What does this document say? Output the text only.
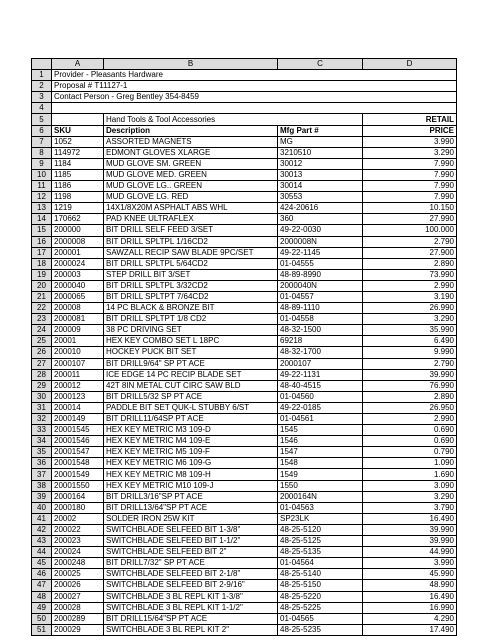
	A	B	C	D
1	Provider - Pleasants Hardware			
2	Proposal # T11127-1			
3	Contact Person - Greg Bentley 354-8459			
4				
5		Hand Tools & Tool Accessories		RETAIL
6	SKU	Description	Mfg Part #	PRICE
7	1052	ASSORTED MAGNETS	MG	3.990
8	114972	EDMONT GLOVES XLARGE	3210510	3.290
9	1184	MUD GLOVE SM. GREEN	30012	7.990
10	1185	MUD GLOVE MED. GREEN	30013	7.990
11	1186	MUD GLOVE LG.. GREEN	30014	7.990
12	1198	MUD GLOVE LG. RED	30553	7.990
13	1219	14X1/8X20M ASPHALT ABS WHL	424-20616	10.150
14	170662	PAD KNEE ULTRAFLEX	360	27.990
15	200000	BIT DRILL SELF FEED 3/SET	49-22-0030	100.000
16	2000008	BIT DRILL SPLTPL 1/16CD2	2000008N	2.790
17	200001	SAWZALL RECIP SAW BLADE 9PC/SET	49-22-1145	27.900
18	2000024	BIT DRILL SPLTPL 5/64CD2	01-04555	2.890
19	200003	STEP DRILL BIT 3/SET	48-89-8990	73.990
20	2000040	BIT DRILL SPLTPL 3/32CD2	2000040N	2.990
21	2000065	BIT DRILL SPLTPT 7/64CD2	01-04557	3.190
22	200008	14 PC BLACK & BRONZE BIT	48-89-1110	26.990
23	2000081	BIT DRILL SPLTPT 1/8 CD2	01-04558	3.290
24	200009	38 PC DRIVING SET	48-32-1500	35.990
25	20001	HEX KEY COMBO SET L 18PC	69218	6.490
26	200010	HOCKEY PUCK BIT SET	48-32-1700	9.990
27	2000107	BIT DRILL9/64" SP PT ACE	2000107	2.790
28	200011	ICE EDGE 14 PC RECIP BLADE SET	49-22-1131	39.990
29	200012	42T 8IN METAL CUT CIRC SAW BLD	48-40-4515	76.990
30	2000123	BIT DRILL5/32 SP PT ACE	01-04560	2.890
31	200014	PADDLE BIT SET QUK-L STUBBY 6/ST	49-22-0185	26.950
32	2000149	BIT DRILL11/64SP PT ACE	01-04561	2.990
33	20001545	HEX KEY METRIC M3 109-D	1545	0.690
34	20001546	HEX KEY METRIC M4 109-E	1546	0.690
35	20001547	HEX KEY METRIC M5 109-F	1547	0.790
36	20001548	HEX KEY METRIC M6 109-G	1548	1.090
37	20001549	HEX KEY METRIC M8 109-H	1549	1.690
38	20001550	HEX KEY METRIC M10 109-J	1550	3.090
39	2000164	BIT DRILL3/16"SP PT ACE	2000164N	3.290
40	2000180	BIT DRILL13/64"SP PT ACE	01-04563	3.790
41	20002	SOLDER IRON 25W KIT	SP23LK	16.490
42	200022	SWITCHBLADE SELFEED BIT 1-3/8"	48-25-5120	39.990
43	200023	SWITCHBLADE SELFEED BIT 1-1/2"	48-25-5125	39.990
44	200024	SWITCHBLADE SELFEED BIT 2"	48-25-5135	44.990
45	2000248	BIT DRILL7/32" SP PT ACE	01-04564	3.990
46	200025	SWITCHBLADE SELFEED BIT 2-1/8"	48-25-5140	45.990
47	200026	SWITCHBLADE SELFEED BIT 2-9/16"	48-25-5150	48.990
48	200027	SWITCHBLADE 3 BL REPL KIT 1-3/8"	48-25-5220	16.490
49	200028	SWITCHBLADE 3 BL REPL KIT 1-1/2"	48-25-5225	16.990
50	2000289	BIT DRILL15/64"SP PT ACE	01-04565	4.290
51	200029	SWITCHBLADE 3 BL REPL KIT 2"	48-25-5235	17.490
